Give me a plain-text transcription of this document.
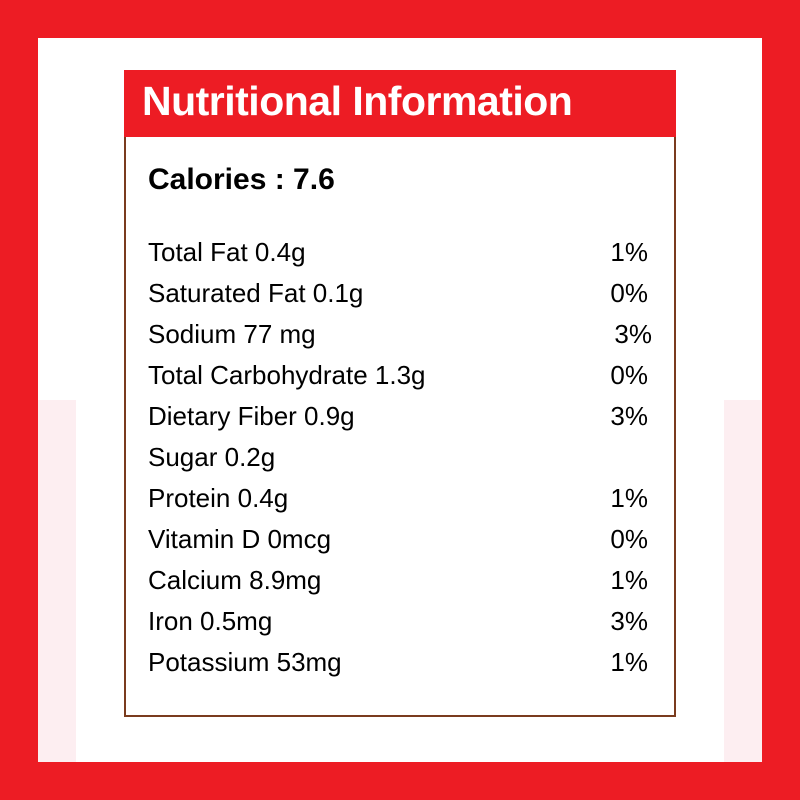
Nutritional Information
Calories : 7.6
Total Fat 0.4g	1%
Saturated Fat 0.1g	0%
Sodium 77 mg	3%
Total Carbohydrate 1.3g	0%
Dietary Fiber 0.9g	3%
Sugar 0.2g
Protein 0.4g	1%
Vitamin D 0mcg	0%
Calcium 8.9mg	1%
Iron 0.5mg	3%
Potassium 53mg	1%
